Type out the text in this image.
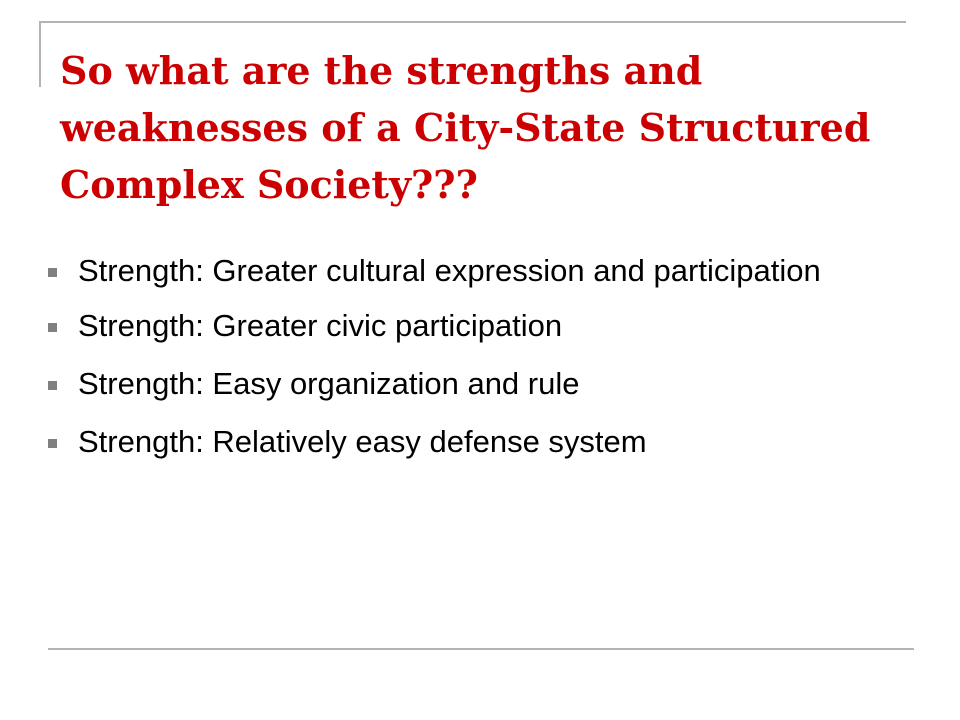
So what are the strengths and weaknesses of a City-State Structured Complex Society???
Strength: Greater cultural expression and participation
Strength: Greater civic participation
Strength: Easy organization and rule
Strength: Relatively easy defense system
